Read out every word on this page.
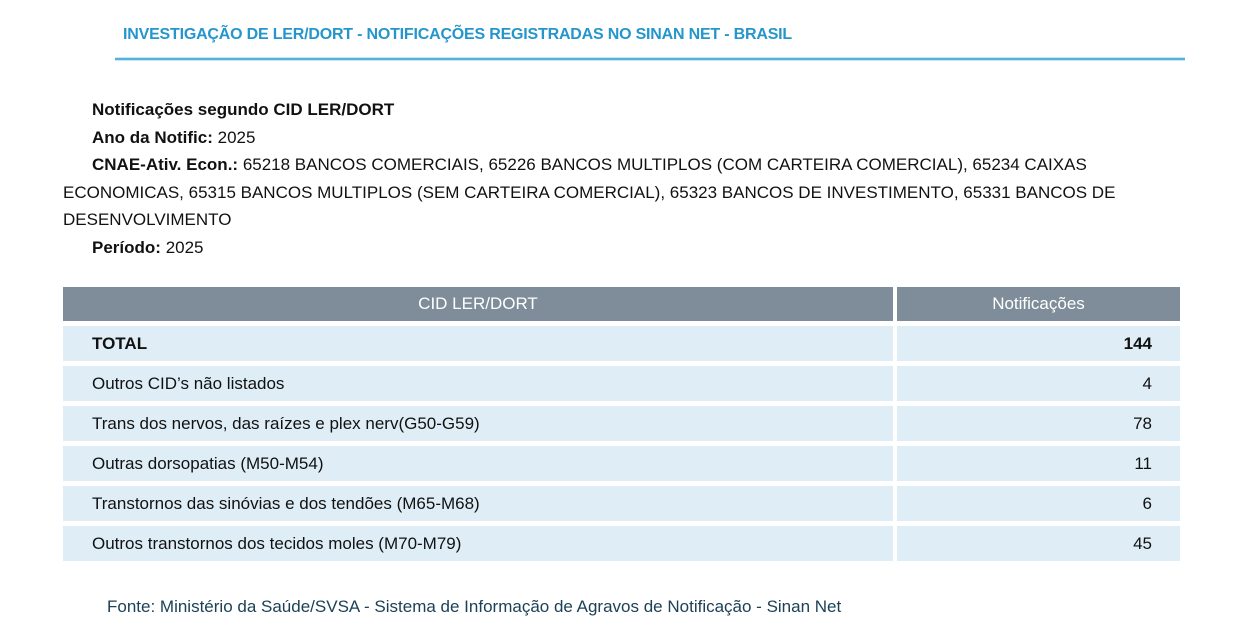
INVESTIGAÇÃO DE LER/DORT - NOTIFICAÇÕES REGISTRADAS NO SINAN NET - BRASIL

Notificações segundo CID LER/DORT

Ano da Notific: 2025

CNAE-Ativ. Econ.: 65218 BANCOS COMERCIAIS, 65226 BANCOS MULTIPLOS (COM CARTEIRA COMERCIAL), 65234 CAIXAS ECONOMICAS, 65315 BANCOS MULTIPLOS (SEM CARTEIRA COMERCIAL), 65323 BANCOS DE INVESTIMENTO, 65331 BANCOS DE DESENVOLVIMENTO

Período: 2025

CID LER/DORT	Notificações
TOTAL	144
Outros CID’s não listados	4
Trans dos nervos, das raízes e plex nerv(G50-G59)	78
Outras dorsopatias (M50-M54)	11
Transtornos das sinóvias e dos tendões (M65-M68)	6
Outros transtornos dos tecidos moles (M70-M79)	45
Fonte: Ministério da Saúde/SVSA - Sistema de Informação de Agravos de Notificação - Sinan Net
